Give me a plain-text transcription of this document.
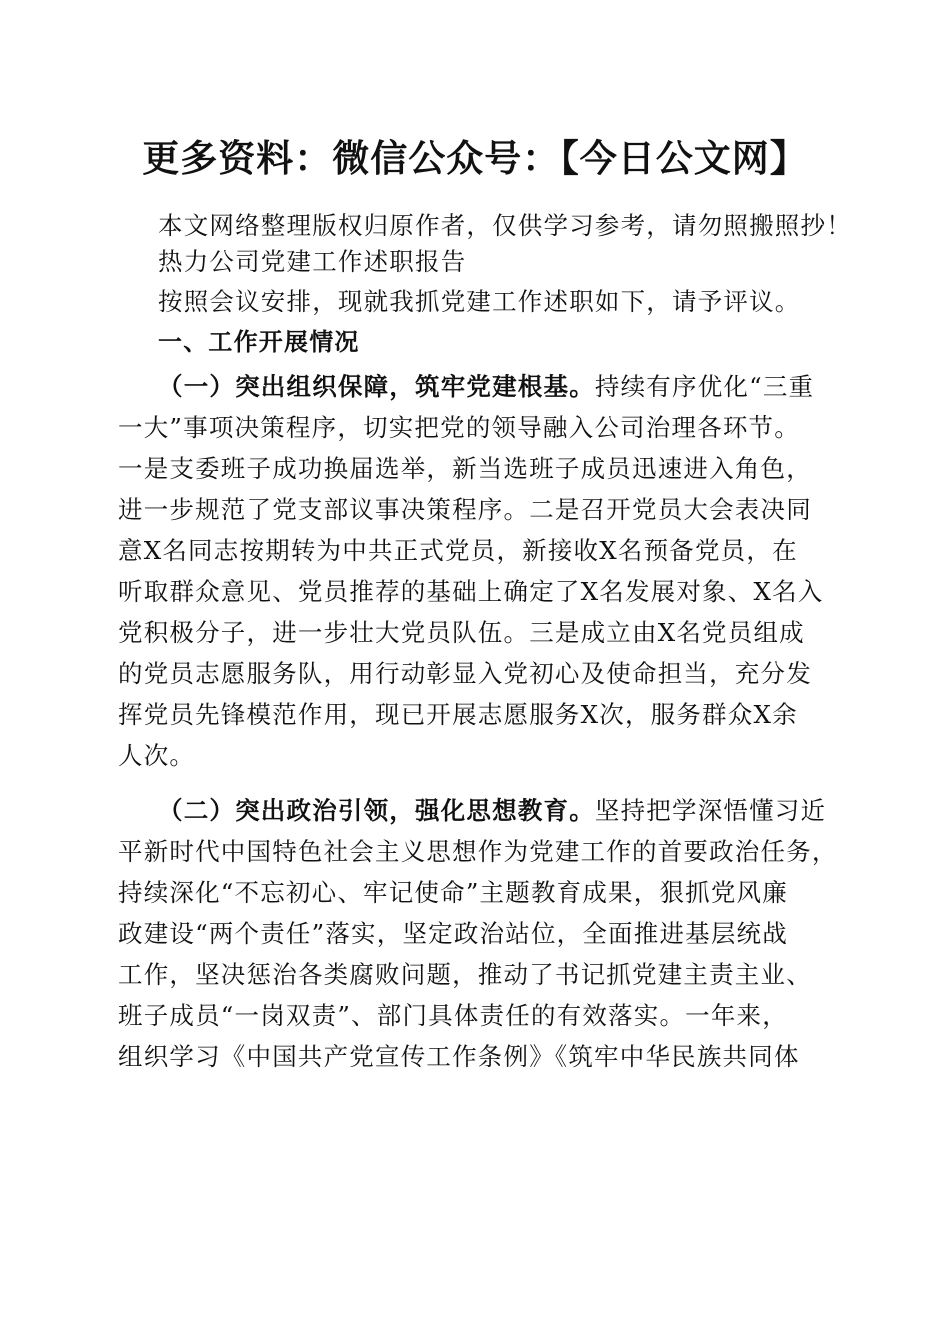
更多资料：微信公众号：【今日公文网】

本文网络整理版权归原作者，仅供学习参考，请勿照搬照抄！

热力公司党建工作述职报告

按照会议安排，现就我抓党建工作述职如下，请予评议。

一、工作开展情况

（一）突出组织保障，筑牢党建根基。持续有序优化“三重

一大”事项决策程序，切实把党的领导融入公司治理各环节。

一是支委班子成功换届选举，新当选班子成员迅速进入角色，

进一步规范了党支部议事决策程序。二是召开党员大会表决同

意X名同志按期转为中共正式党员，新接收X名预备党员，在

听取群众意见、党员推荐的基础上确定了X名发展对象、X名入

党积极分子，进一步壮大党员队伍。三是成立由X名党员组成

的党员志愿服务队，用行动彰显入党初心及使命担当，充分发

挥党员先锋模范作用，现已开展志愿服务X次，服务群众X余

人次。

（二）突出政治引领，强化思想教育。坚持把学深悟懂习近

平新时代中国特色社会主义思想作为党建工作的首要政治任务，

持续深化“不忘初心、牢记使命”主题教育成果，狠抓党风廉

政建设“两个责任”落实，坚定政治站位，全面推进基层统战

工作，坚决惩治各类腐败问题，推动了书记抓党建主责主业、

班子成员“一岗双责”、部门具体责任的有效落实。一年来，

组织学习《中国共产党宣传工作条例》《筑牢中华民族共同体
